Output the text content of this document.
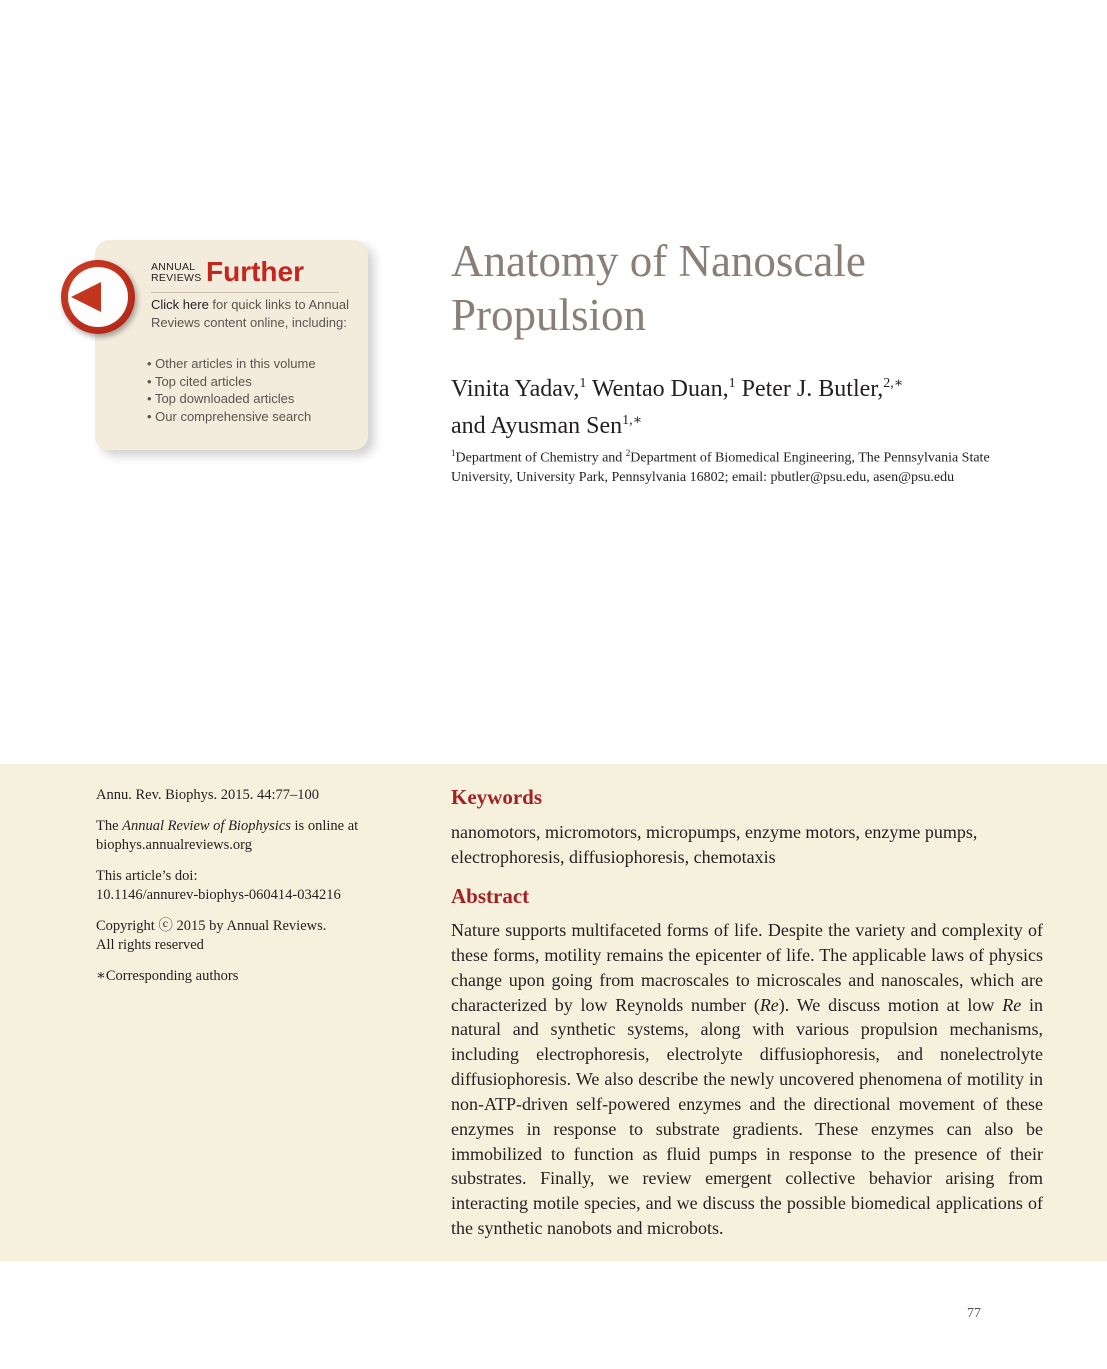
ANNUAL
REVIEWS Further
Click here for quick links to Annual Reviews content online, including:
• Other articles in this volume
• Top cited articles
• Top downloaded articles
• Our comprehensive search
Anatomy of Nanoscale
Propulsion
Vinita Yadav,$^1$ Wentao Duan,$^1$ Peter J. Butler,$^{2,∗}$
and Ayusman Sen$^{1,∗}$
$^1$Department of Chemistry and $^2$Department of Biomedical Engineering, The Pennsylvania State University, University Park, Pennsylvania 16802; email: pbutler@psu.edu, asen@psu.edu

Annu. Rev. Biophys. 2015. 44:77–100

The Annual Review of Biophysics is online at biophys.annualreviews.org

This article’s doi:
10.1146/annurev-biophys-060414-034216

Copyright ⓒ 2015 by Annual Reviews.
All rights reserved

∗Corresponding authors

Keywords
nanomotors, micromotors, micropumps, enzyme motors, enzyme pumps, electrophoresis, diffusiophoresis, chemotaxis
Abstract
Nature supports multifaceted forms of life. Despite the variety and complexity of these forms, motility remains the epicenter of life. The applicable laws of physics change upon going from macroscales to microscales and nanoscales, which are characterized by low Reynolds number (Re). We discuss motion at low Re in natural and synthetic systems, along with various propulsion mechanisms, including electrophoresis, electrolyte diffusiophoresis, and nonelectrolyte diffusiophoresis. We also describe the newly uncovered phenomena of motility in non-ATP-driven self-powered enzymes and the directional movement of these enzymes in response to substrate gradients. These enzymes can also be immobilized to function as fluid pumps in response to the presence of their substrates. Finally, we review emergent collective behavior arising from interacting motile species, and we discuss the possible biomedical applications of the synthetic nanobots and microbots.
77
